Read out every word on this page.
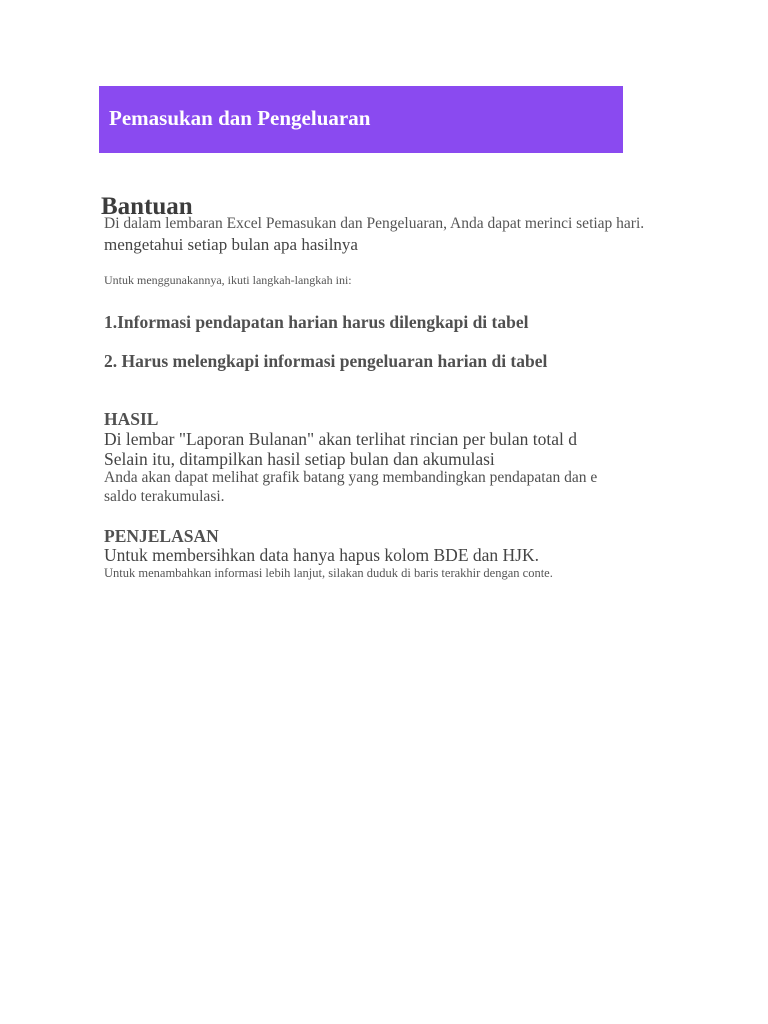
Pemasukan dan Pengeluaran
Bantuan
Di dalam lembaran Excel Pemasukan dan Pengeluaran, Anda dapat merinci setiap hari.
mengetahui setiap bulan apa hasilnya
Untuk menggunakannya, ikuti langkah-langkah ini:
1.Informasi pendapatan harian harus dilengkapi di tabel
2. Harus melengkapi informasi pengeluaran harian di tabel
HASIL
Di lembar "Laporan Bulanan" akan terlihat rincian per bulan total d
Selain itu, ditampilkan hasil setiap bulan dan akumulasi
Anda akan dapat melihat grafik batang yang membandingkan pendapatan dan e
saldo terakumulasi.
PENJELASAN
Untuk membersihkan data hanya hapus kolom BDE dan HJK.
Untuk menambahkan informasi lebih lanjut, silakan duduk di baris terakhir dengan conte.
